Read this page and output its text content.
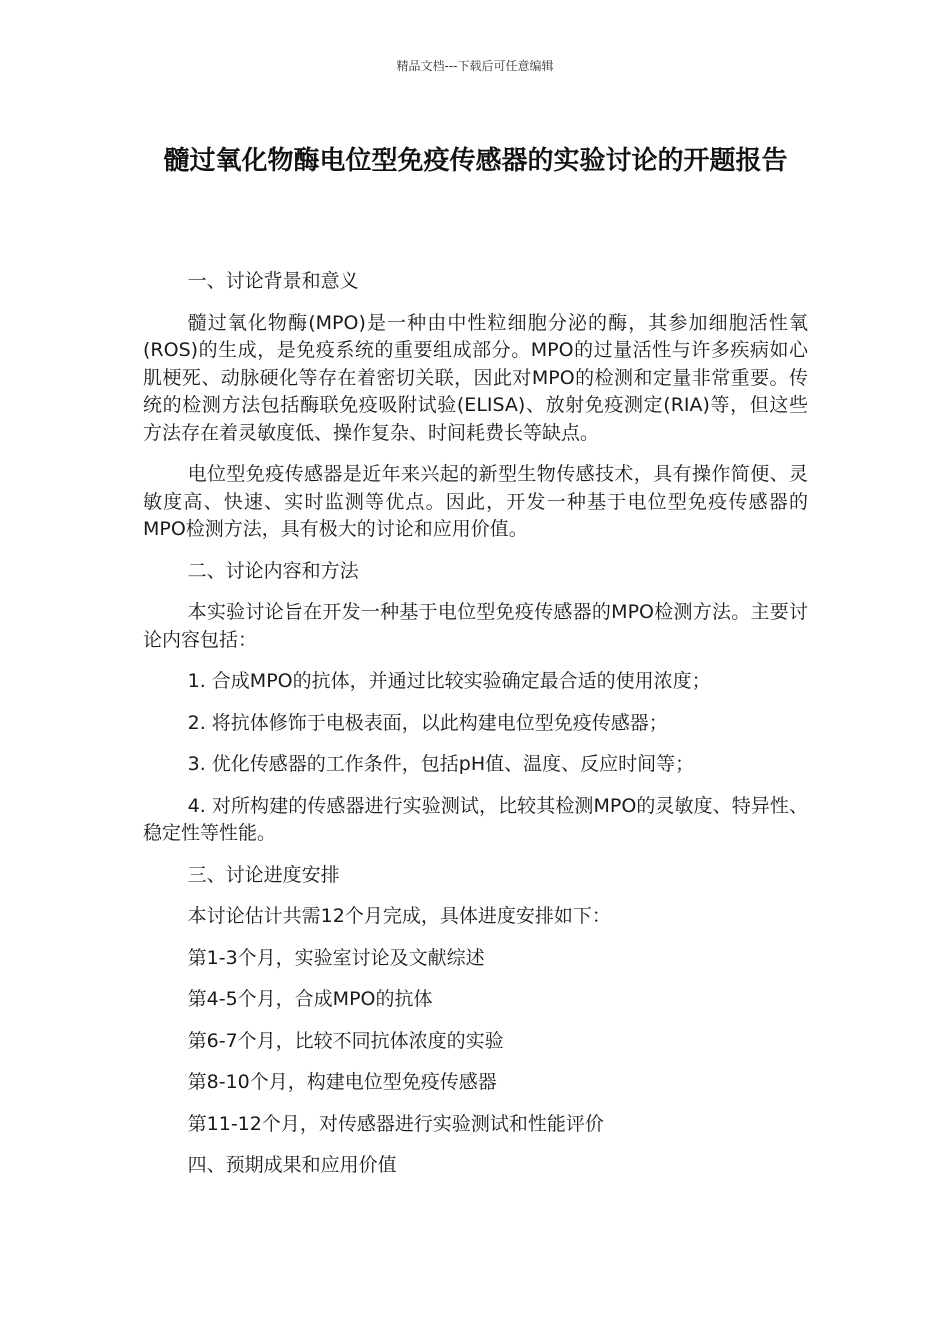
精品文档---下载后可任意编辑
髓过氧化物酶电位型免疫传感器的实验讨论的开题报告

一、讨论背景和意义

髓过氧化物酶(MPO)是一种由中性粒细胞分泌的酶，其参加细胞活性氧(ROS)的生成，是免疫系统的重要组成部分。MPO的过量活性与许多疾病如心肌梗死、动脉硬化等存在着密切关联，因此对MPO的检测和定量非常重要。传统的检测方法包括酶联免疫吸附试验(ELISA)、放射免疫测定(RIA)等，但这些方法存在着灵敏度低、操作复杂、时间耗费长等缺点。

电位型免疫传感器是近年来兴起的新型生物传感技术，具有操作简便、灵敏度高、快速、实时监测等优点。因此，开发一种基于电位型免疫传感器的MPO检测方法，具有极大的讨论和应用价值。

二、讨论内容和方法

本实验讨论旨在开发一种基于电位型免疫传感器的MPO检测方法。主要讨论内容包括：

1. 合成MPO的抗体，并通过比较实验确定最合适的使用浓度；

2. 将抗体修饰于电极表面，以此构建电位型免疫传感器；

3. 优化传感器的工作条件，包括pH值、温度、反应时间等；

4. 对所构建的传感器进行实验测试，比较其检测MPO的灵敏度、特异性、稳定性等性能。

三、讨论进度安排

本讨论估计共需12个月完成，具体进度安排如下：

第1-3个月，实验室讨论及文献综述

第4-5个月，合成MPO的抗体

第6-7个月，比较不同抗体浓度的实验

第8-10个月，构建电位型免疫传感器

第11-12个月，对传感器进行实验测试和性能评价

四、预期成果和应用价值
